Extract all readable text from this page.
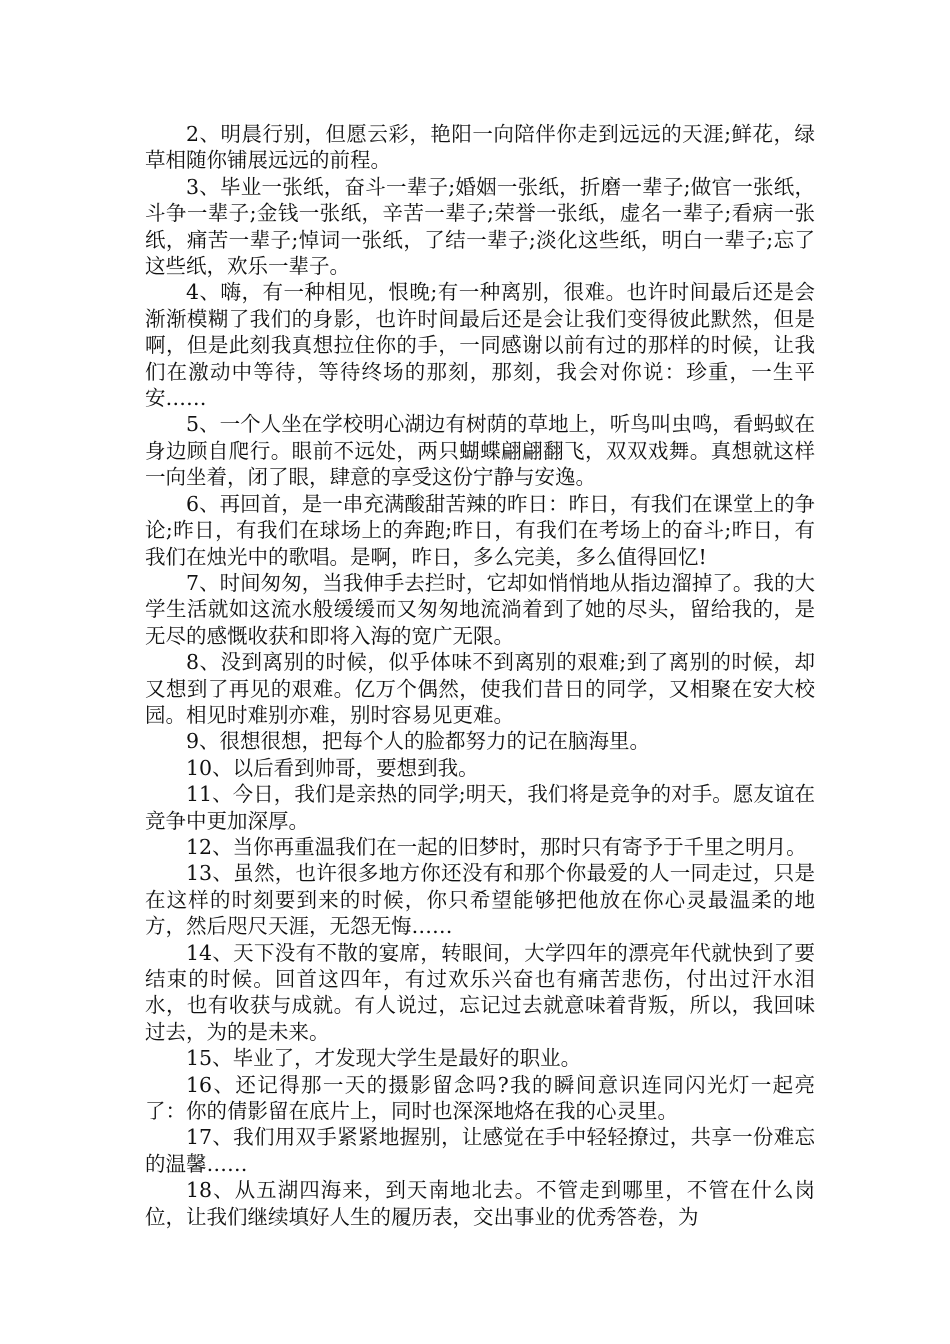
2、明晨行别，但愿云彩，艳阳一向陪伴你走到远远的天涯;鲜花，绿草相随你铺展远远的前程。

3、毕业一张纸，奋斗一辈子;婚姻一张纸，折磨一辈子;做官一张纸，斗争一辈子;金钱一张纸，辛苦一辈子;荣誉一张纸，虚名一辈子;看病一张纸，痛苦一辈子;悼词一张纸，了结一辈子;淡化这些纸，明白一辈子;忘了这些纸，欢乐一辈子。

4、嗨，有一种相见，恨晚;有一种离别，很难。也许时间最后还是会渐渐模糊了我们的身影，也许时间最后还是会让我们变得彼此默然，但是啊，但是此刻我真想拉住你的手，一同感谢以前有过的那样的时候，让我们在激动中等待，等待终场的那刻，那刻，我会对你说：珍重，一生平安……

5、一个人坐在学校明心湖边有树荫的草地上，听鸟叫虫鸣，看蚂蚁在身边顾自爬行。眼前不远处，两只蝴蝶翩翩翻飞，双双戏舞。真想就这样一向坐着，闭了眼，肆意的享受这份宁静与安逸。

6、再回首，是一串充满酸甜苦辣的昨日：昨日，有我们在课堂上的争论;昨日，有我们在球场上的奔跑;昨日，有我们在考场上的奋斗;昨日，有我们在烛光中的歌唱。是啊，昨日，多么完美，多么值得回忆!

7、时间匆匆，当我伸手去拦时，它却如悄悄地从指边溜掉了。我的大学生活就如这流水般缓缓而又匆匆地流淌着到了她的尽头，留给我的，是无尽的感慨收获和即将入海的宽广无限。

8、没到离别的时候，似乎体味不到离别的艰难;到了离别的时候，却又想到了再见的艰难。亿万个偶然，使我们昔日的同学，又相聚在安大校园。相见时难别亦难，别时容易见更难。

9、很想很想，把每个人的脸都努力的记在脑海里。

10、以后看到帅哥，要想到我。

11、今日，我们是亲热的同学;明天，我们将是竞争的对手。愿友谊在竞争中更加深厚。

12、当你再重温我们在一起的旧梦时，那时只有寄予于千里之明月。

13、虽然，也许很多地方你还没有和那个你最爱的人一同走过，只是在这样的时刻要到来的时候，你只希望能够把他放在你心灵最温柔的地方，然后咫尺天涯，无怨无悔……

14、天下没有不散的宴席，转眼间，大学四年的漂亮年代就快到了要结束的时候。回首这四年，有过欢乐兴奋也有痛苦悲伤，付出过汗水泪水，也有收获与成就。有人说过，忘记过去就意味着背叛，所以，我回味过去，为的是未来。

15、毕业了，才发现大学生是最好的职业。

16、还记得那一天的摄影留念吗?我的瞬间意识连同闪光灯一起亮了：你的倩影留在底片上，同时也深深地烙在我的心灵里。

17、我们用双手紧紧地握别，让感觉在手中轻轻撩过，共享一份难忘的温馨……

18、从五湖四海来，到天南地北去。不管走到哪里，不管在什么岗位，让我们继续填好人生的履历表，交出事业的优秀答卷，为
